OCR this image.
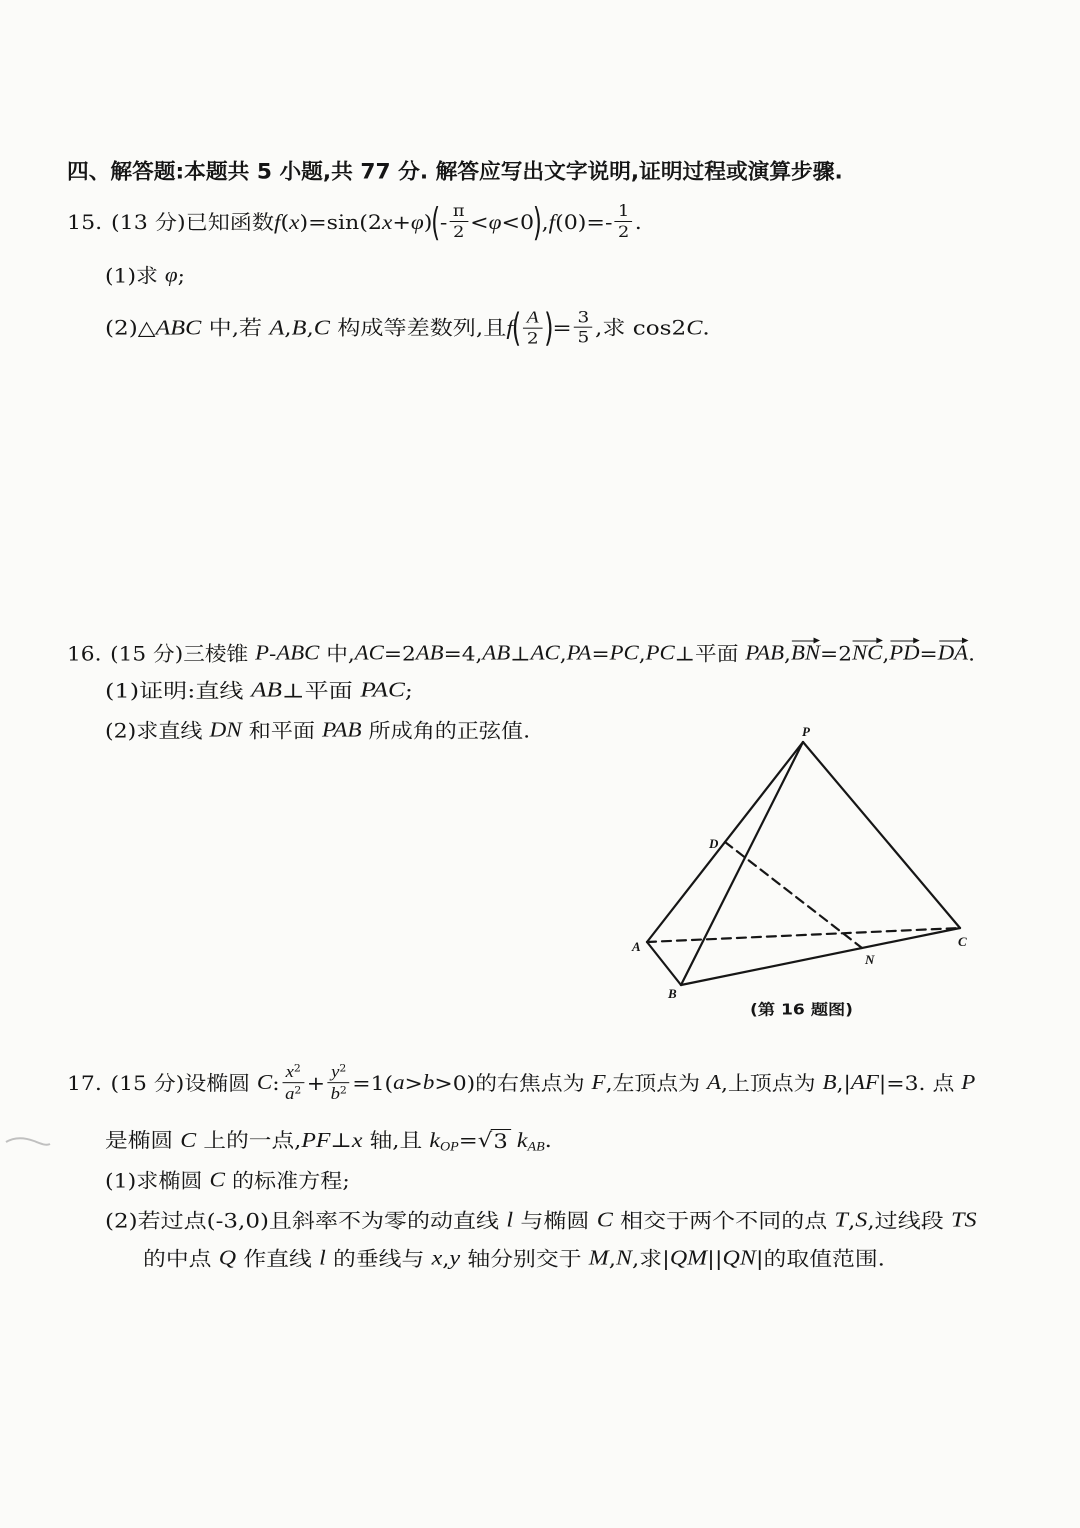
四、解答题:本题共 5 小题,共 77 分. 解答应写出文字说明,证明过程或演算步骤.
15. (13 分) 已知函数 f ( x )=sin(2 x + φ ) ( - $\frac{\pi}{2} < \varphi <0$ ) , f $(0)=- \frac{1}{2}$ .
(1)求 φ ;
(2)△ ABC 中,若 A , B , C 构成等差数列,且 f ( $\frac{A}{2}$ ) = $\frac{3}{5}$ ,求 cos2 C .
16. (15 分) 三棱锥 P - ABC 中, AC =2 AB =4, AB ⊥ AC , PA = PC , PC ⊥平面 PAB , BN =2 NC , PD = DA .
(1)证明:直线 AB ⊥平面 PAC ;
(2)求直线 DN 和平面 PAB 所成角的正弦值.	P
D
A
B
C
N
(第 16 题图)
17. (15 分) 设椭圆 C : $\frac{x^2}{a^2} + \frac{y^2}{b^2} =1$( a > b >0)的右焦点为 F ,左顶点为 A ,上顶点为 B ,| AF |=3. 点 P
是椭圆 C 上的一点, PF ⊥ x 轴,且 $k_{OP}$ = √ 3 $k_{AB}$ .
(1)求椭圆 C 的标准方程;
(2)若过点(-3,0)且斜率不为零的动直线 l 与椭圆 C 相交于两个不同的点 T , S ,过线段 TS
的中点 Q 作直线 l 的垂线与 x , y 轴分别交于 M , N ,求| QM || QN |的取值范围.
